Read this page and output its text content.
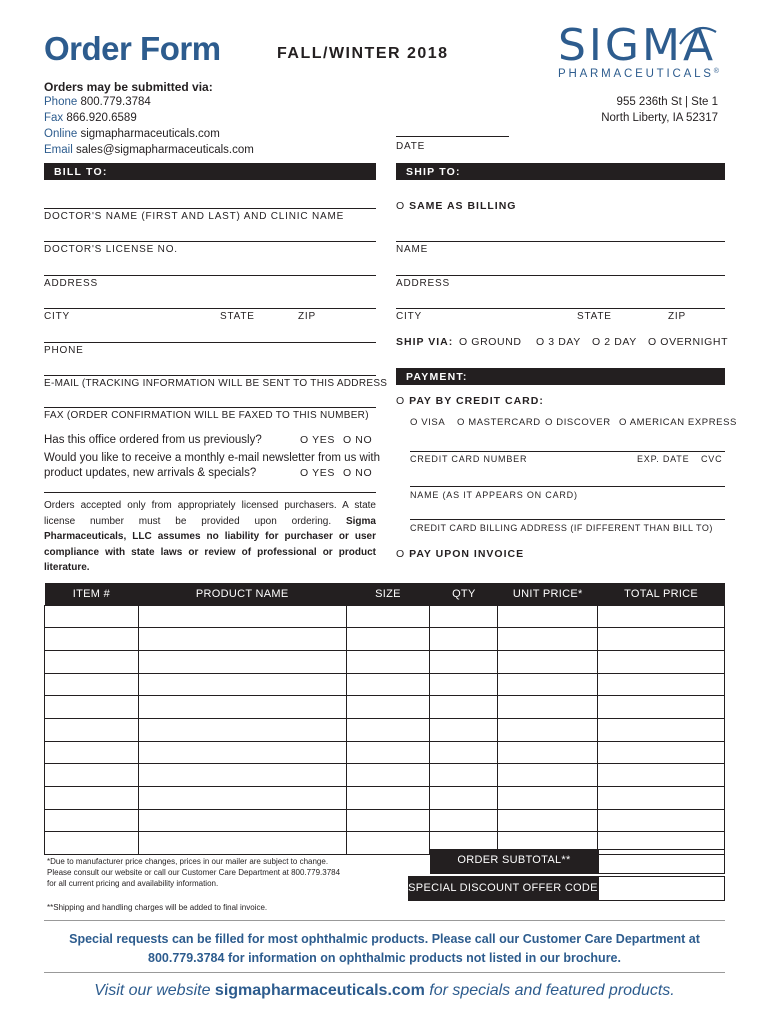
Order Form	FALL/WINTER 2018 SIGMA
PHARMACEUTICALS®
Orders may be submitted via:
Phone 800.779.3784
Fax 866.920.6589
Online sigmapharmaceuticals.com
Email sales@sigmapharmaceuticals.com
955 236th St | Ste 1
North Liberty, IA 52317
DATE
BILL TO:	SHIP TO:
DOCTOR'S NAME (FIRST AND LAST) AND CLINIC NAME
DOCTOR'S LICENSE NO.
ADDRESS
CITY	STATE	ZIP
PHONE
E-MAIL (TRACKING INFORMATION WILL BE SENT TO THIS ADDRESS
FAX (ORDER CONFIRMATION WILL BE FAXED TO THIS NUMBER)
Has this office ordered from us previously?	O YES O NO
Would you like to receive a monthly e-mail newsletter from us with
product updates, new arrivals & specials?	O YES O NO
Orders accepted only from appropriately licensed purchasers. A state license number must be provided upon ordering. Sigma Pharmaceuticals, LLC assumes no liability for purchaser or user compliance with state laws or review of professional or product literature.
O SAME AS BILLING
NAME
ADDRESS
CITY	STATE	ZIP
SHIP VIA: O GROUND O 3 DAY O 2 DAY O OVERNIGHT
PAYMENT:
O PAY BY CREDIT CARD:
O VISA O MASTERCARD O DISCOVER O AMERICAN EXPRESS
CREDIT CARD NUMBER	EXP. DATE CVC
NAME (AS IT APPEARS ON CARD)
CREDIT CARD BILLING ADDRESS (IF DIFFERENT THAN BILL TO)
O PAY UPON INVOICE
ITEM #	PRODUCT NAME	SIZE	QTY	UNIT PRICE*	TOTAL PRICE

ORDER SUBTOTAL**
SPECIAL DISCOUNT OFFER CODE
*Due to manufacturer price changes, prices in our mailer are subject to change.
Please consult our website or call our Customer Care Department at 800.779.3784
for all current pricing and availability information.
**Shipping and handling charges will be added to final invoice.
Special requests can be filled for most ophthalmic products. Please call our Customer Care Department at
800.779.3784 for information on ophthalmic products not listed in our brochure.
Visit our website sigmapharmaceuticals.com for specials and featured products.
